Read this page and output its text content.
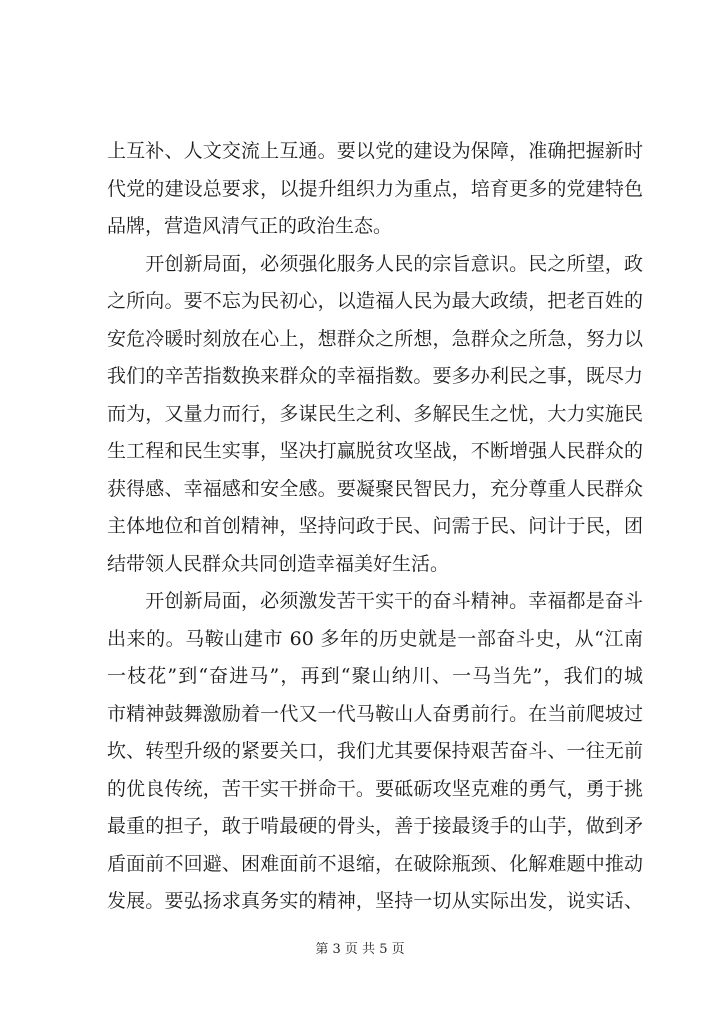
上互补、人文交流上互通。要以党的建设为保障，准确把握新时
代党的建设总要求，以提升组织力为重点，培育更多的党建特色
品牌，营造风清气正的政治生态。
　　开创新局面，必须强化服务人民的宗旨意识。民之所望，政
之所向。要不忘为民初心，以造福人民为最大政绩，把老百姓的
安危冷暖时刻放在心上，想群众之所想，急群众之所急，努力以
我们的辛苦指数换来群众的幸福指数。要多办利民之事，既尽力
而为，又量力而行，多谋民生之利、多解民生之忧，大力实施民
生工程和民生实事，坚决打赢脱贫攻坚战，不断增强人民群众的
获得感、幸福感和安全感。要凝聚民智民力，充分尊重人民群众
主体地位和首创精神，坚持问政于民、问需于民、问计于民，团
结带领人民群众共同创造幸福美好生活。
　　开创新局面，必须激发苦干实干的奋斗精神。幸福都是奋斗
出来的。马鞍山建市 60 多年的历史就是一部奋斗史，从“江南
一枝花”到“奋进马”，再到“聚山纳川、一马当先”，我们的城
市精神鼓舞激励着一代又一代马鞍山人奋勇前行。在当前爬坡过
坎、转型升级的紧要关口，我们尤其要保持艰苦奋斗、一往无前
的优良传统，苦干实干拼命干。要砥砺攻坚克难的勇气，勇于挑
最重的担子，敢于啃最硬的骨头，善于接最烫手的山芋，做到矛
盾面前不回避、困难面前不退缩，在破除瓶颈、化解难题中推动
发展。要弘扬求真务实的精神，坚持一切从实际出发，说实话、
第 3 页 共 5 页
